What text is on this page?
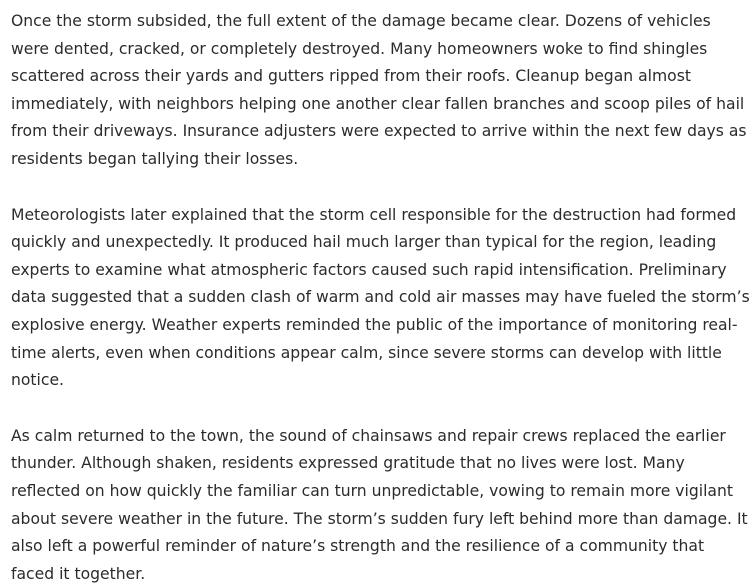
Once the storm subsided, the full extent of the damage became clear. Dozens of vehicles were dented, cracked, or completely destroyed. Many homeowners woke to find shingles scattered across their yards and gutters ripped from their roofs. Cleanup began almost immediately, with neighbors helping one another clear fallen branches and scoop piles of hail from their driveways. Insurance adjusters were expected to arrive within the next few days as residents began tallying their losses.

Meteorologists later explained that the storm cell responsible for the destruction had formed quickly and unexpectedly. It produced hail much larger than typical for the region, leading experts to examine what atmospheric factors caused such rapid intensification. Preliminary data suggested that a sudden clash of warm and cold air masses may have fueled the storm’s explosive energy. Weather experts reminded the public of the importance of monitoring real-time alerts, even when conditions appear calm, since severe storms can develop with little notice.

As calm returned to the town, the sound of chainsaws and repair crews replaced the earlier thunder. Although shaken, residents expressed gratitude that no lives were lost. Many reflected on how quickly the familiar can turn unpredictable, vowing to remain more vigilant about severe weather in the future. The storm’s sudden fury left behind more than damage. It also left a powerful reminder of nature’s strength and the resilience of a community that faced it together.
